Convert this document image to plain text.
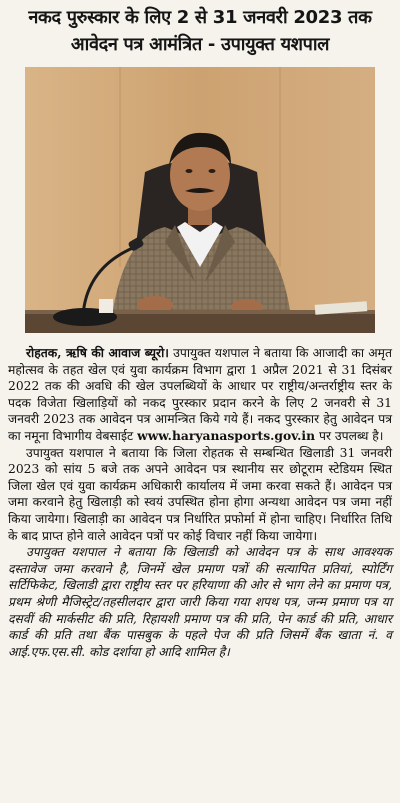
नकद पुरुस्कार के लिए 2 से 31 जनवरी 2023 तक आवेदन पत्र आमंत्रित - उपायुक्त यशपाल

रोहतक, ऋषि की आवाज ब्यूरो। उपायुक्त यशपाल ने बताया कि आजादी का अमृत महोत्सव के तहत खेल एवं युवा कार्यक्रम विभाग द्वारा 1 अप्रैल 2021 से 31 दिसंबर 2022 तक की अवधि की खेल उपलब्धियों के आधार पर राष्ट्रीय/अन्तर्राष्ट्रीय स्तर के पदक विजेता खिलाड़ियों को नकद पुरस्कार प्रदान करने के लिए 2 जनवरी से 31 जनवरी 2023 तक आवेदन पत्र आमन्त्रित किये गये हैं। नकद पुरस्कार हेतु आवेदन पत्र का नमूना विभागीय वेबसाईट www.haryanasports.gov.in पर उपलब्ध है।

उपायुक्त यशपाल ने बताया कि जिला रोहतक से सम्बन्धित खिलाडी 31 जनवरी 2023 को सांय 5 बजे तक अपने आवेदन पत्र स्थानीय सर छोटूराम स्टेडियम स्थित जिला खेल एवं युवा कार्यक्रम अधिकारी कार्यालय में जमा करवा सकते हैं। आवेदन पत्र जमा करवाने हेतु खिलाड़ी को स्वयं उपस्थित होना होगा अन्यथा आवेदन पत्र जमा नहीं किया जायेगा। खिलाड़ी का आवेदन पत्र निर्धारित प्रफोर्मा में होना चाहिए। निर्धारित तिथि के बाद प्राप्त होने वाले आवेदन पत्रों पर कोई विचार नहीं किया जायेगा।

उपायुक्त यशपाल ने बताया कि खिलाडी को आवेदन पत्र के साथ आवश्यक दस्तावेज जमा करवाने है, जिनमें खेल प्रमाण पत्रों की सत्यापित प्रतियां, स्पोर्टिंग सर्टिफिकेट, खिलाडी द्वारा राष्ट्रीय स्तर पर हरियाणा की ओर से भाग लेने का प्रमाण पत्र, प्रथम श्रेणी मैजिस्ट्रेट/तहसीलदार द्वारा जारी किया गया शपथ पत्र, जन्म प्रमाण पत्र या दसवीं की मार्कसीट की प्रति, रिहायशी प्रमाण पत्र की प्रति, पेन कार्ड की प्रति, आधार कार्ड की प्रति तथा बैंक पासबुक के पहले पेज की प्रति जिसमें बैंक खाता नं. व आई.एफ.एस.सी. कोड दर्शाया हो आदि शामिल है।
